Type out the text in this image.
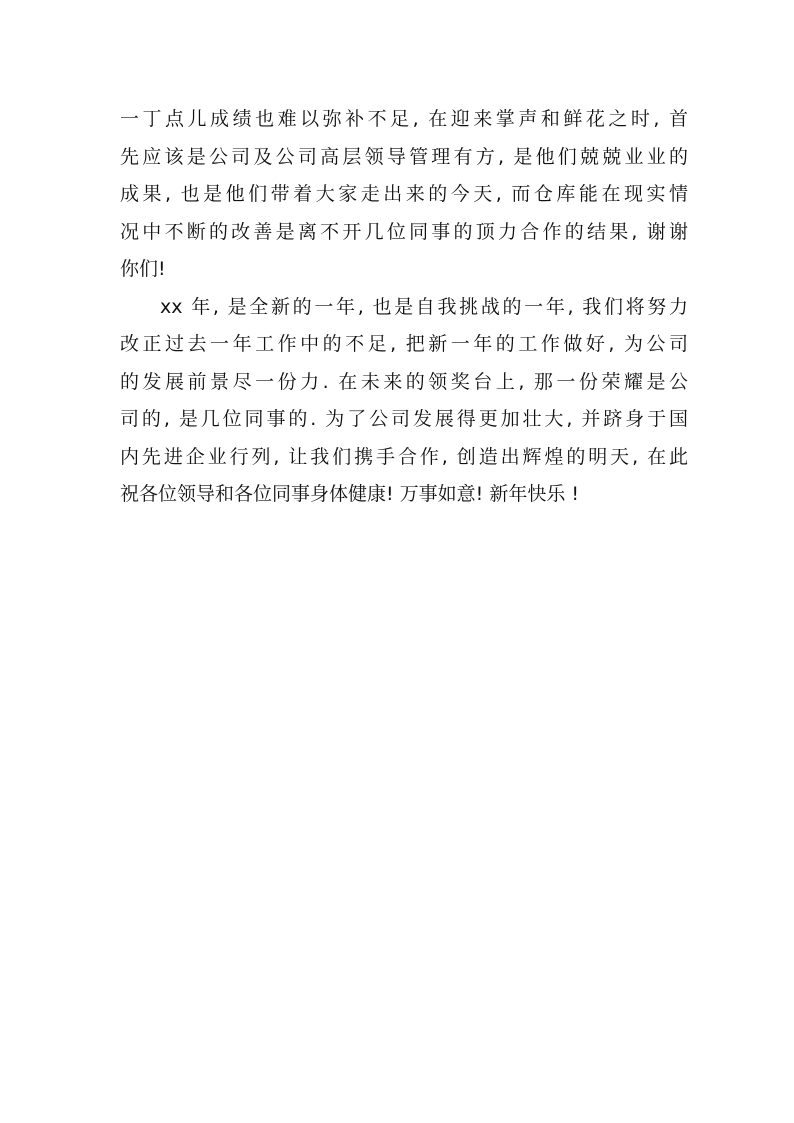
一丁点儿成绩也难以弥补不足, 在迎来掌声和鲜花之时, 首
先应该是公司及公司高层领导管理有方, 是他们兢兢业业的
成果, 也是他们带着大家走出来的今天, 而仓库能在现实情
况中不断的改善是离不开几位同事的顶力合作的结果, 谢谢
你们!
xx 年, 是全新的一年, 也是自我挑战的一年, 我们将努力
改正过去一年工作中的不足, 把新一年的工作做好, 为公司
的发展前景尽一份力. 在未来的领奖台上, 那一份荣耀是公
司的, 是几位同事的. 为了公司发展得更加壮大, 并跻身于国
内先进企业行列, 让我们携手合作, 创造出辉煌的明天, 在此
祝各位领导和各位同事身体健康! 万事如意! 新年快乐 !
